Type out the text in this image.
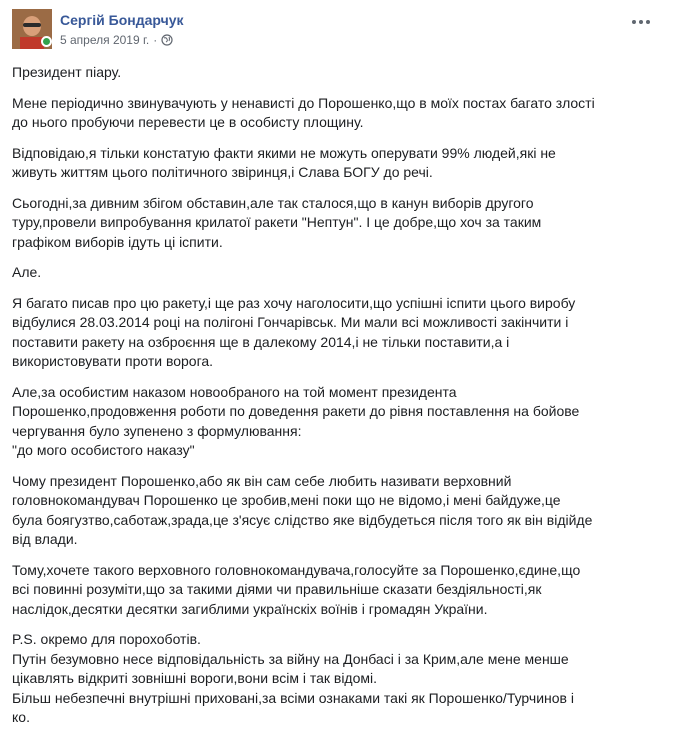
Сергій Бондарчук
5 апреля 2019 г. ·
Президент піару.
Мене періодично звинувачують у ненависті до Порошенко,що в моїх постах багато злості
до нього пробуючи перевести це в особисту площину.
Відповідаю,я тільки констатую факти якими не можуть оперувати 99% людей,які не
живуть життям цього політичного звіринця,і Слава БОГУ до речі.
Сьогодні,за дивним збігом обставин,але так сталося,що в канун виборів другого
туру,провели випробування крилатої ракети "Нептун". І це добре,що хоч за таким
графіком виборів ідуть ці іспити.
Але.
Я багато писав про цю ракету,і ще раз хочу наголосити,що успішні іспити цього виробу
відбулися 28.03.2014 році на полігоні Гончарівськ. Ми мали всі можливості закінчити і
поставити ракету на озброєння ще в далекому 2014,і не тільки поставити,а і
використовувати проти ворога.
Але,за особистим наказом новообраного на той момент президента
Порошенко,продовження роботи по доведення ракети до рівня поставлення на бойове
чергування було зупенено з формулювання:
"до мого особистого наказу"
Чому президент Порошенко,або як він сам себе любить називати верховний
головнокомандувач Порошенко це зробив,мені поки що не відомо,і мені байдуже,це
була боягузтво,саботаж,зрада,це з'ясує слідство яке відбудеться після того як він відійде
від влади.
Тому,хочете такого верховного головнокомандувача,голосуйте за Порошенко,єдине,що
всі повинні розуміти,що за такими діями чи правильніше сказати бездіяльності,як
наслідок,десятки десятки загиблими українскіх воїнів і громадян України.
P.S. окремо для порохоботів.
Путін безумовно несе відповідальність за війну на Донбасі і за Крим,але мене менше
цікавлять відкриті зовнішні вороги,вони всім і так відомі.
Більш небезпечні внутрішні приховані,за всіми ознаками такі як Порошенко/Турчинов і
ко.
